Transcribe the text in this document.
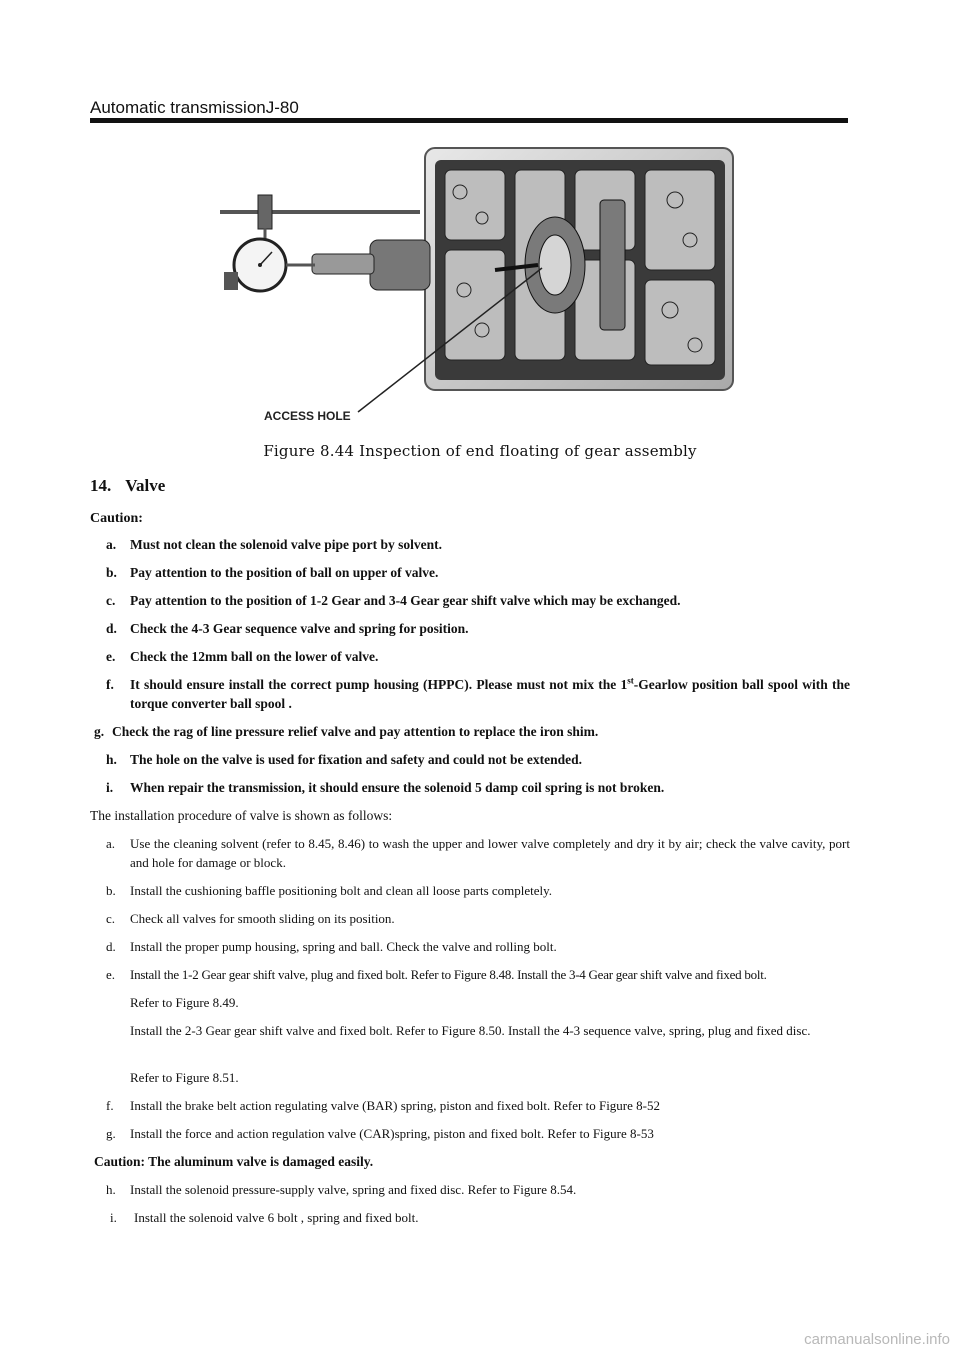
Automatic transmissionJ-80
ACCESS HOLE
Figure 8.44 Inspection of end floating of gear assembly
14. Valve
Caution:
a. Must not clean the solenoid valve pipe port by solvent.
b. Pay attention to the position of ball on upper of valve.
c. Pay attention to the position of 1-2 Gear and 3-4 Gear gear shift valve which may be exchanged.
d. Check the 4-3 Gear sequence valve and spring for position.
e. Check the 12mm ball on the lower of valve.
f. It should ensure install the correct pump housing (HPPC). Please must not mix the 1st-Gearlow position ball spool with the torque converter ball spool .
g. Check the rag of line pressure relief valve and pay attention to replace the iron shim.
h. The hole on the valve is used for fixation and safety and could not be extended.
i. When repair the transmission, it should ensure the solenoid 5 damp coil spring is not broken.
The installation procedure of valve is shown as follows:
a. Use the cleaning solvent (refer to 8.45, 8.46) to wash the upper and lower valve completely and dry it by air; check the valve cavity, port and hole for damage or block.
b. Install the cushioning baffle positioning bolt and clean all loose parts completely.
c. Check all valves for smooth sliding on its position.
d. Install the proper pump housing, spring and ball. Check the valve and rolling bolt.
e. Install the 1-2 Gear gear shift valve, plug and fixed bolt. Refer to Figure 8.48. Install the 3-4 Gear gear shift valve and fixed bolt.
Refer to Figure 8.49.
Install the 2-3 Gear gear shift valve and fixed bolt. Refer to Figure 8.50. Install the 4-3 sequence valve, spring, plug and fixed disc.
Refer to Figure 8.51.
f. Install the brake belt action regulating valve (BAR) spring, piston and fixed bolt. Refer to Figure 8-52
g. Install the force and action regulation valve (CAR)spring, piston and fixed bolt. Refer to Figure 8-53
Caution: The aluminum valve is damaged easily.
h. Install the solenoid pressure-supply valve, spring and fixed disc. Refer to Figure 8.54.
i. Install the solenoid valve 6 bolt , spring and fixed bolt.
carmanualsonline.info
